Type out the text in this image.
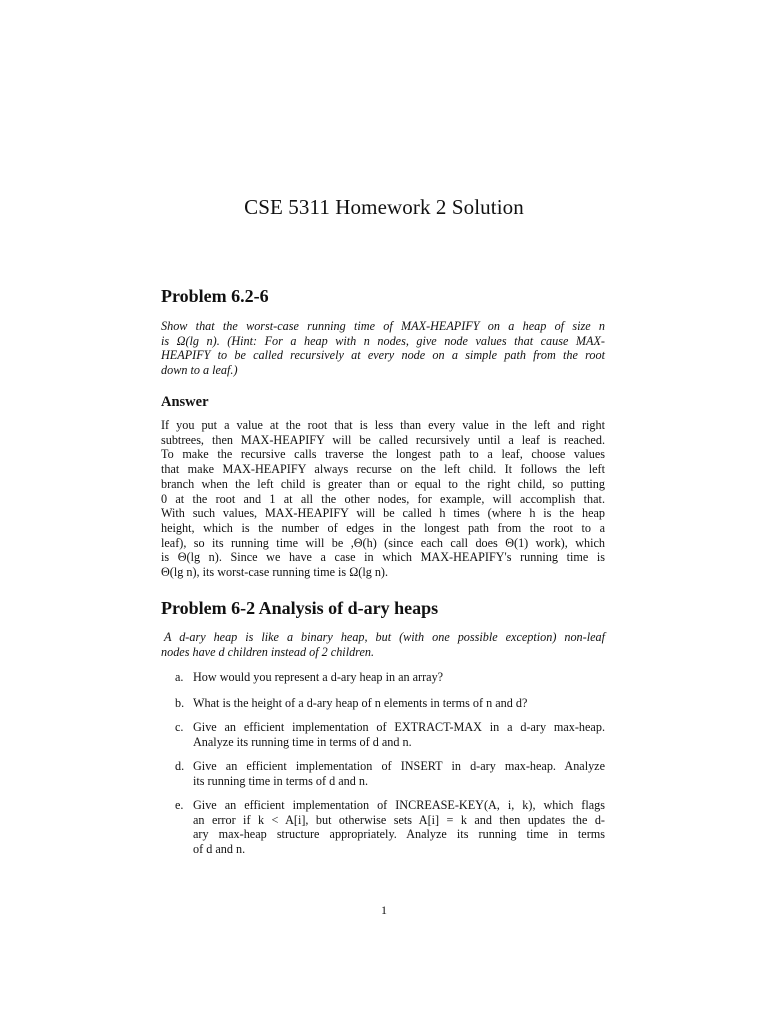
CSE 5311 Homework 2 Solution
Problem 6.2-6
Show that the worst-case running time of MAX-HEAPIFY on a heap of size n
is Ω(lg n). (Hint: For a heap with n nodes, give node values that cause MAX-
HEAPIFY to be called recursively at every node on a simple path from the root
down to a leaf.)
Answer
If you put a value at the root that is less than every value in the left and right
subtrees, then MAX-HEAPIFY will be called recursively until a leaf is reached.
To make the recursive calls traverse the longest path to a leaf, choose values
that make MAX-HEAPIFY always recurse on the left child. It follows the left
branch when the left child is greater than or equal to the right child, so putting
0 at the root and 1 at all the other nodes, for example, will accomplish that.
With such values, MAX-HEAPIFY will be called h times (where h is the heap
height, which is the number of edges in the longest path from the root to a
leaf), so its running time will be ,Θ(h) (since each call does Θ(1) work), which
is Θ(lg n). Since we have a case in which MAX-HEAPIFY's running time is
Θ(lg n), its worst-case running time is Ω(lg n).
Problem 6-2 Analysis of d-ary heaps
A d-ary heap is like a binary heap, but (with one possible exception) non-leaf
nodes have d children instead of 2 children.
a. How would you represent a d-ary heap in an array?
b. What is the height of a d-ary heap of n elements in terms of n and d?
c. Give an efficient implementation of EXTRACT-MAX in a d-ary max-heap.
Analyze its running time in terms of d and n.
d. Give an efficient implementation of INSERT in d-ary max-heap. Analyze
its running time in terms of d and n.
e. Give an efficient implementation of INCREASE-KEY(A, i, k), which flags
an error if k < A[i], but otherwise sets A[i] = k and then updates the d-
ary max-heap structure appropriately. Analyze its running time in terms
of d and n.
1
